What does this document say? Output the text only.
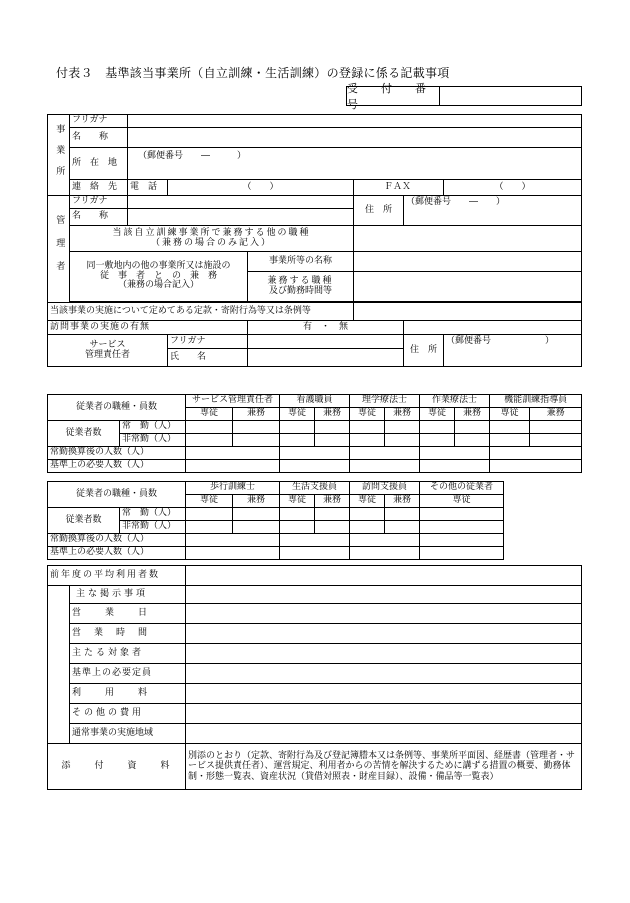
付表３　基準該当事業所（自立訓練・生活訓練）の登録に係る記載事項
受　付　番　号
事業所	フリガナ						
	名　　称						
	所　在　地	（郵便番号　　―　　　）					

	連　絡　先	電　話	（　　）		ＦＡＸ		（　　）
管理者	フリガナ				住　所	（郵便番号　　―　　）	
	名　　称						

	当該自立訓練事業所で兼務する他の職種
（兼務の場合のみ記入）						

	同一敷地内の他の事業所又は施設の
従　事　者　と　の　兼　務
（兼務の場合記入）			事業所等の名称			

				兼務する職種
及び勤務時間等			

当該事業の実施について定めてある定款・寄附行為等又は条例等							
訪問事業の実施の有無				有　・　無			

サービス
管理責任者			フリガナ			住　所	（郵便番号　　　　　　）
			氏　　名				
従業者の職種・員数		サービス管理責任者		看護職員		理学療法士		作業療法士		機能訓練指導員	
		専従	兼務	専従	兼務	専従	兼務	専従	兼務	専従	兼務
従業者数	常　勤（人）										
	非常勤（人）										
常勤換算後の人数（人）											
基準上の必要人数（人）											
従業者の職種・員数		歩行訓練士		生活支援員		訪問支援員		その他の従業者
		専従	兼務	専従	兼務	専従	兼務	専従
従業者数	常　勤（人）							
	非常勤（人）							
常勤換算後の人数（人）								
基準上の必要人数（人）								
前年度の平均利用者数		
	主な掲示事項	
	営　　業　　日	
	営　業　時　間	
	主たる対象者	
	基準上の必要定員	
	利　　用　　料	
	その他の費用	
	通常事業の実施地域	
添　　付　　資　　料		別添のとおり（定款、寄附行為及び登記簿謄本又は条例等、事業所平面図、経歴書（管理者・サービス提供責任者）、運営規定、利用者からの苦情を解決するために講ずる措置の概要、勤務体制・形態一覧表、資産状況（貸借対照表・財産目録）、設備・備品等一覧表）
